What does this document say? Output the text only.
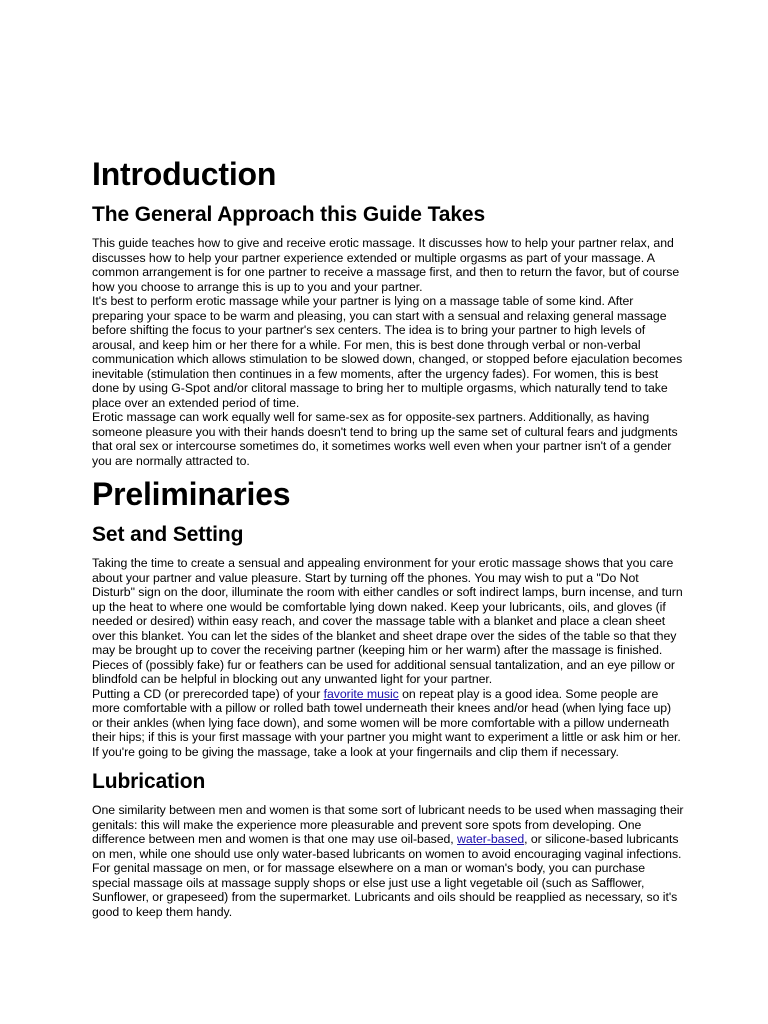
Introduction
The General Approach this Guide Takes

This guide teaches how to give and receive erotic massage. It discusses how to help your partner relax, and discusses how to help your partner experience extended or multiple orgasms as part of your massage. A common arrangement is for one partner to receive a massage first, and then to return the favor, but of course how you choose to arrange this is up to you and your partner.

It's best to perform erotic massage while your partner is lying on a massage table of some kind. After preparing your space to be warm and pleasing, you can start with a sensual and relaxing general massage before shifting the focus to your partner's sex centers. The idea is to bring your partner to high levels of arousal, and keep him or her there for a while. For men, this is best done through verbal or non-verbal communication which allows stimulation to be slowed down, changed, or stopped before ejaculation becomes inevitable (stimulation then continues in a few moments, after the urgency fades). For women, this is best done by using G-Spot and/or clitoral massage to bring her to multiple orgasms, which naturally tend to take place over an extended period of time.

Erotic massage can work equally well for same-sex as for opposite-sex partners. Additionally, as having someone pleasure you with their hands doesn't tend to bring up the same set of cultural fears and judgments that oral sex or intercourse sometimes do, it sometimes works well even when your partner isn't of a gender you are normally attracted to.

Preliminaries
Set and Setting

Taking the time to create a sensual and appealing environment for your erotic massage shows that you care about your partner and value pleasure. Start by turning off the phones. You may wish to put a "Do Not Disturb" sign on the door, illuminate the room with either candles or soft indirect lamps, burn incense, and turn up the heat to where one would be comfortable lying down naked. Keep your lubricants, oils, and gloves (if needed or desired) within easy reach, and cover the massage table with a blanket and place a clean sheet over this blanket. You can let the sides of the blanket and sheet drape over the sides of the table so that they may be brought up to cover the receiving partner (keeping him or her warm) after the massage is finished. Pieces of (possibly fake) fur or feathers can be used for additional sensual tantalization, and an eye pillow or blindfold can be helpful in blocking out any unwanted light for your partner.

Putting a CD (or prerecorded tape) of your favorite music on repeat play is a good idea. Some people are more comfortable with a pillow or rolled bath towel underneath their knees and/or head (when lying face up) or their ankles (when lying face down), and some women will be more comfortable with a pillow underneath their hips; if this is your first massage with your partner you might want to experiment a little or ask him or her.

If you're going to be giving the massage, take a look at your fingernails and clip them if necessary.

Lubrication

One similarity between men and women is that some sort of lubricant needs to be used when massaging their genitals: this will make the experience more pleasurable and prevent sore spots from developing. One difference between men and women is that one may use oil-based, water-based, or silicone-based lubricants on men, while one should use only water-based lubricants on women to avoid encouraging vaginal infections. For genital massage on men, or for massage elsewhere on a man or woman's body, you can purchase special massage oils at massage supply shops or else just use a light vegetable oil (such as Safflower, Sunflower, or grapeseed) from the supermarket. Lubricants and oils should be reapplied as necessary, so it's good to keep them handy.
